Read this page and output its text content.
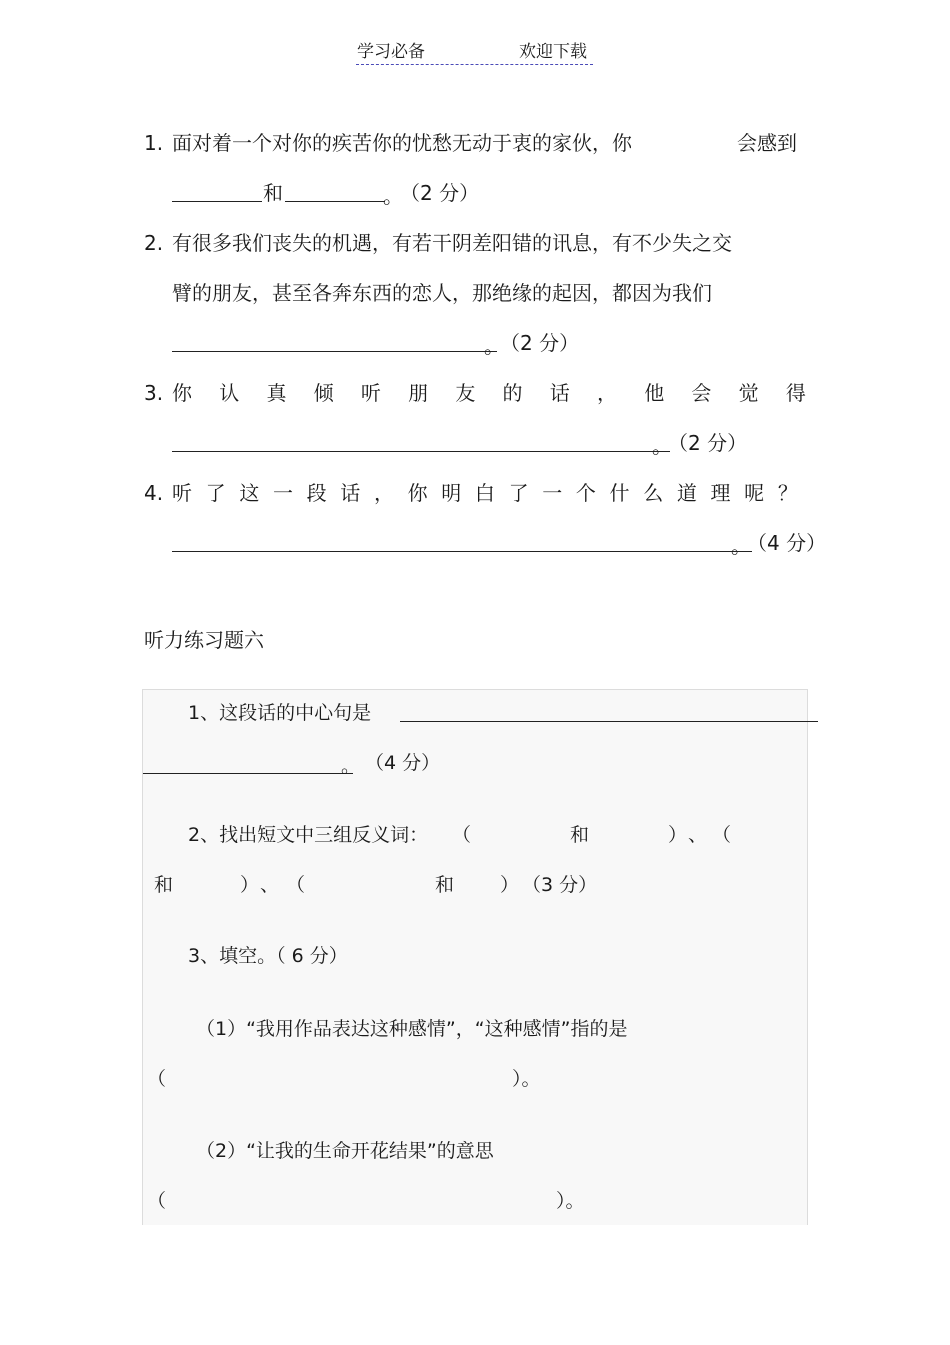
学习必备	欢迎下载
1. 面对着一个对你的疾苦你的忧愁无动于衷的家伙，你	会感到
和	。
（2 分）
2. 有很多我们丧失的机遇，有若干阴差阳错的讯息，有不少失之交
臂的朋友，甚至各奔东西的恋人，那绝缘的起因，都因为我们
。
（2 分）
3. 你 认 真 倾 听 朋 友 的 话 ， 他 会 觉 得
。
（2 分）
4. 听 了 这 一 段 话 ， 你 明 白 了 一 个 什 么 道 理 呢 ？
。
（4 分）
听力练习题六
1、这段话的中心句是
。 （4 分）
2、找出短文中三组反义词： （	和	） 、 （
和	） 、 （	和 ） （3 分）
3、填空。（ 6 分）
（1）“我用作品表达这种感情”，“这种感情”指的是
（	）。
（2）“让我的生命开花结果”的意思
（	）。
